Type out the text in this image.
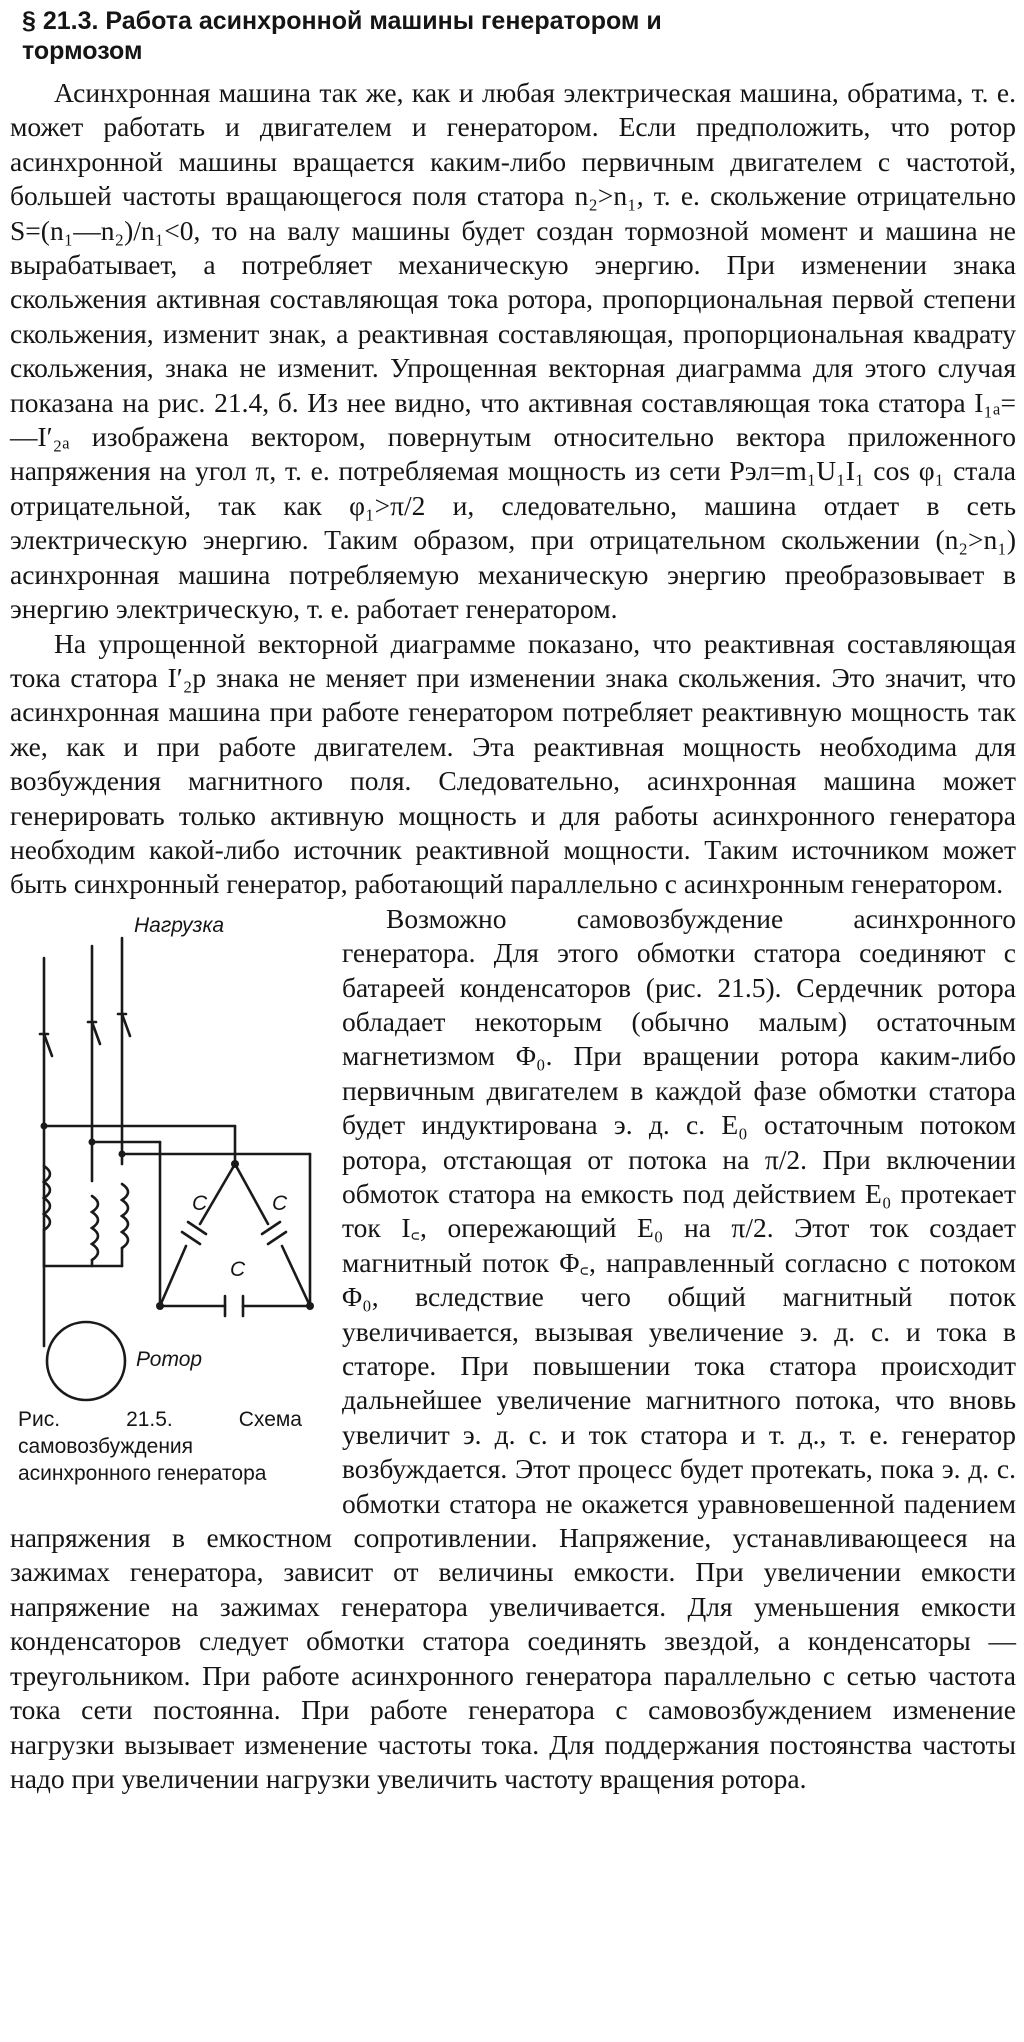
§ 21.3. Работа асинхронной машины генератором и тормозом

Асинхронная машина так же, как и любая электрическая машина, обратима, т. е. может работать и двигателем и генератором. Если предположить, что ротор асинхронной машины вращается каким-либо первичным двигателем с частотой, большей частоты вращающегося поля статора n₂>n₁, т. е. скольжение отрицательно S=(n₁—n₂)/n₁<0, то на валу машины будет создан тормозной момент и машина не вырабатывает, а потребляет механическую энергию. При изменении знака скольжения активная составляющая тока ротора, пропорциональная первой степени скольжения, изменит знак, а реактивная составляющая, пропорциональная квадрату скольжения, знака не изменит. Упрощенная векторная диаграмма для этого случая показана на рис. 21.4, б. Из нее видно, что активная составляющая тока статора I₁ₐ=—I′₂ₐ изображена вектором, повернутым относительно вектора приложенного напряжения на угол π, т. е. потребляемая мощность из сети Pэл=m₁U₁I₁ cos φ₁ стала отрицательной, так как φ₁>π/2 и, следовательно, машина отдает в сеть электрическую энергию. Таким образом, при отрицательном скольжении (n₂>n₁) асинхронная машина потребляемую механическую энергию преобразовывает в энергию электрическую, т. е. работает генератором.

На упрощенной векторной диаграмме показано, что реактивная составляющая тока статора I′₂р знака не меняет при изменении знака скольжения. Это значит, что асинхронная машина при работе генератором потребляет реактивную мощность так же, как и при работе двигателем. Эта реактивная мощность необходима для возбуждения магнитного поля. Следовательно, асинхронная машина может генерировать только активную мощность и для работы асинхронного генератора необходим какой-либо источник реактивной мощности. Таким источником может быть синхронный генератор, работающий параллельно с асинхронным генератором.

Нагрузка
C	C
C
Ротор
Рис. 21.5. Схема самовозбуждения асинхронного генератора

Возможно самовозбуждение асинхронного генератора. Для этого обмотки статора соединяют с батареей конденсаторов (рис. 21.5). Сердечник ротора обладает некоторым (обычно малым) остаточным магнетизмом Φ₀. При вращении ротора каким-либо первичным двигателем в каждой фазе обмотки статора будет индуктирована э. д. с. E₀ остаточным потоком ротора, отстающая от потока на π/2. При включении обмоток статора на емкость под действием E₀ протекает ток I꜀, опережающий E₀ на π/2. Этот ток создает магнитный поток Φ꜀, направленный согласно с потоком Φ₀, вследствие чего общий магнитный поток увеличивается, вызывая увеличение э. д. с. и тока в статоре. При повышении тока статора происходит дальнейшее увеличение магнитного потока, что вновь увеличит э. д. с. и ток статора и т. д., т. е. генератор возбуждается. Этот процесс будет протекать, пока э. д. с. обмотки статора не окажется уравновешенной падением напряжения в емкостном сопротивлении. Напряжение, устанавливающееся на зажимах генератора, зависит от величины емкости. При увеличении емкости напряжение на зажимах генератора увеличивается. Для уменьшения емкости конденсаторов следует обмотки статора соединять звездой, а конденсаторы — треугольником. При работе асинхронного генератора параллельно с сетью частота тока сети постоянна. При работе генератора с самовозбуждением изменение нагрузки вызывает изменение частоты тока. Для поддержания постоянства частоты надо при увеличении нагрузки увеличить частоту вращения ротора.
